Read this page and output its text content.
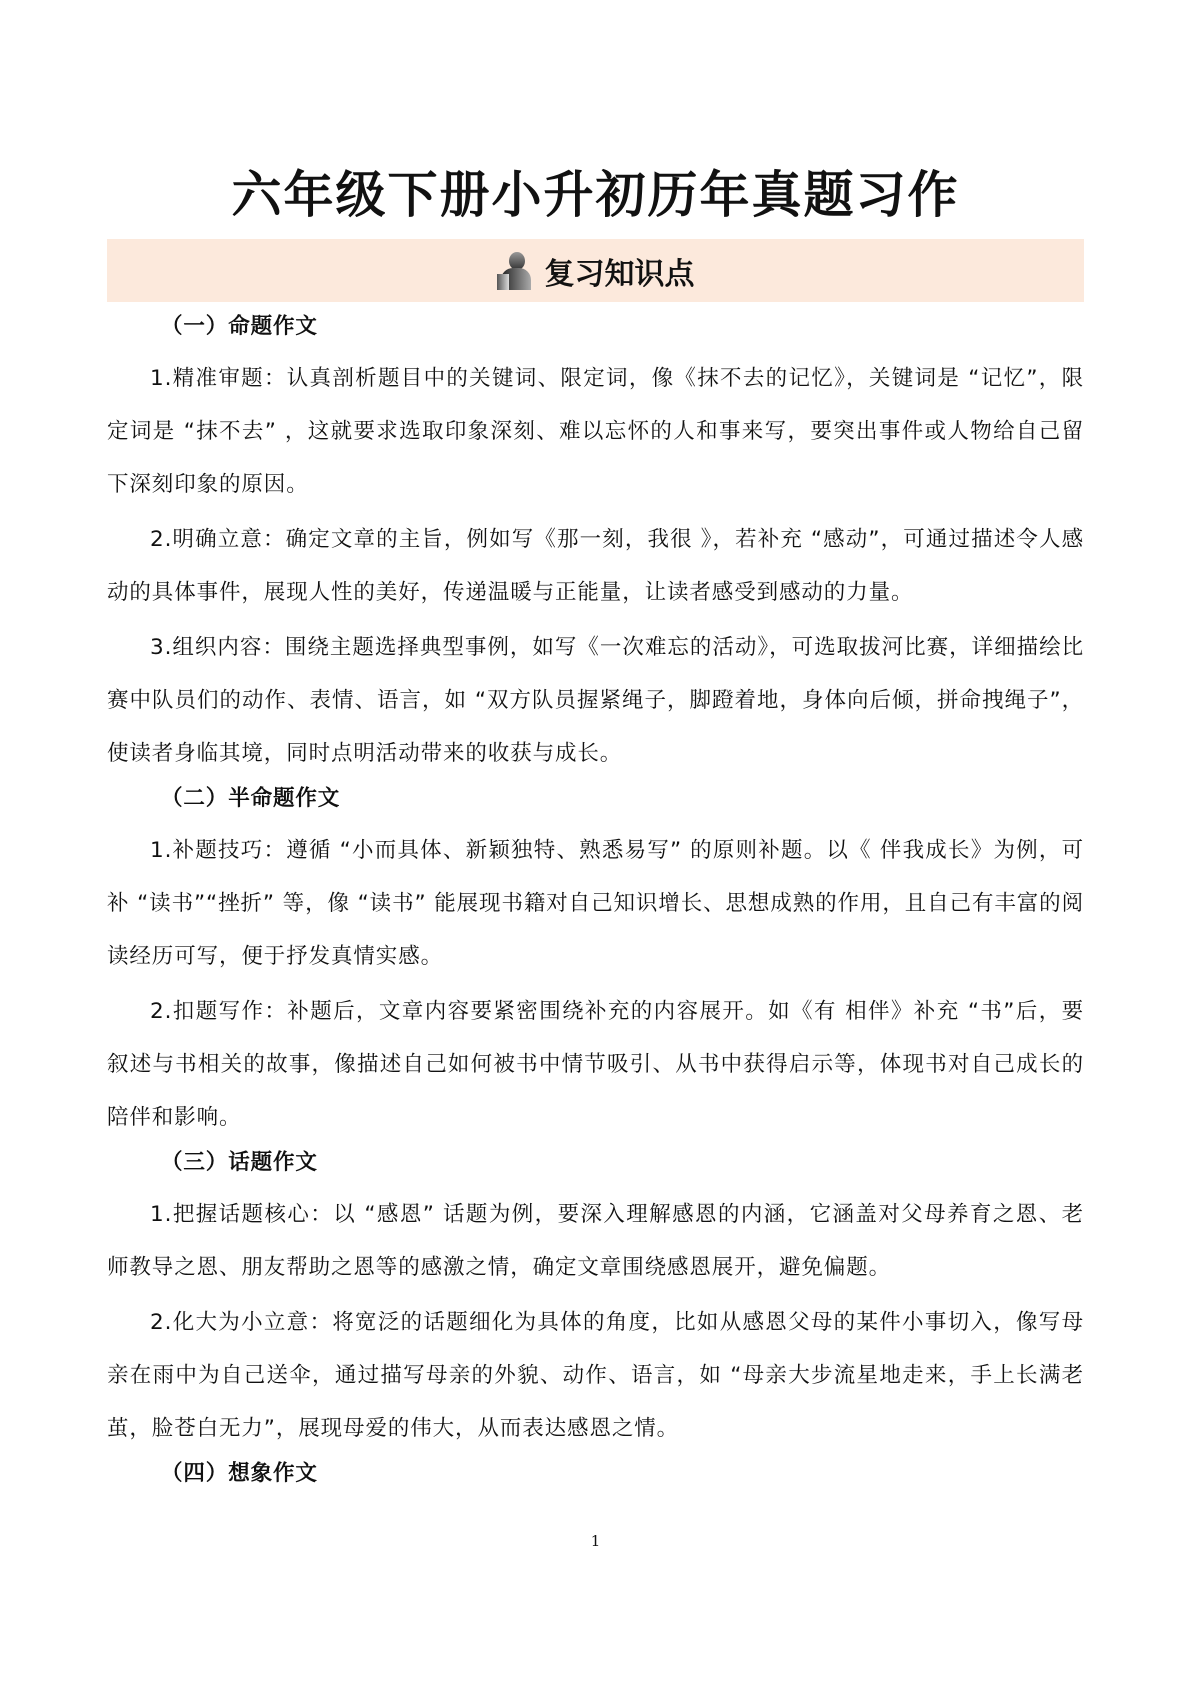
六年级下册小升初历年真题习作
复习知识点
（一）命题作文

1.精准审题：认真剖析题目中的关键词、限定词，像《抹不去的记忆》，关键词是 “记忆”，限定词是 “抹不去” ，这就要求选取印象深刻、难以忘怀的人和事来写，要突出事件或人物给自己留下深刻印象的原因。

2.明确立意：确定文章的主旨，例如写《那一刻，我很 》，若补充 “感动”，可通过描述令人感动的具体事件，展现人性的美好，传递温暖与正能量，让读者感受到感动的力量。

3.组织内容：围绕主题选择典型事例，如写《一次难忘的活动》，可选取拔河比赛，详细描绘比赛中队员们的动作、表情、语言，如 “双方队员握紧绳子，脚蹬着地，身体向后倾，拼命拽绳子”，使读者身临其境，同时点明活动带来的收获与成长。

（二）半命题作文

1.补题技巧：遵循 “小而具体、新颖独特、熟悉易写” 的原则补题。以《 伴我成长》为例，可补 “读书”“挫折” 等，像 “读书” 能展现书籍对自己知识增长、思想成熟的作用，且自己有丰富的阅读经历可写，便于抒发真情实感。

2.扣题写作：补题后，文章内容要紧密围绕补充的内容展开。如《有 相伴》补充 “书”后，要叙述与书相关的故事，像描述自己如何被书中情节吸引、从书中获得启示等，体现书对自己成长的陪伴和影响。

（三）话题作文

1.把握话题核心：以 “感恩” 话题为例，要深入理解感恩的内涵，它涵盖对父母养育之恩、老师教导之恩、朋友帮助之恩等的感激之情，确定文章围绕感恩展开，避免偏题。

2.化大为小立意：将宽泛的话题细化为具体的角度，比如从感恩父母的某件小事切入，像写母亲在雨中为自己送伞，通过描写母亲的外貌、动作、语言，如 “母亲大步流星地走来，手上长满老茧，脸苍白无力”，展现母爱的伟大，从而表达感恩之情。

（四）想象作文
1
